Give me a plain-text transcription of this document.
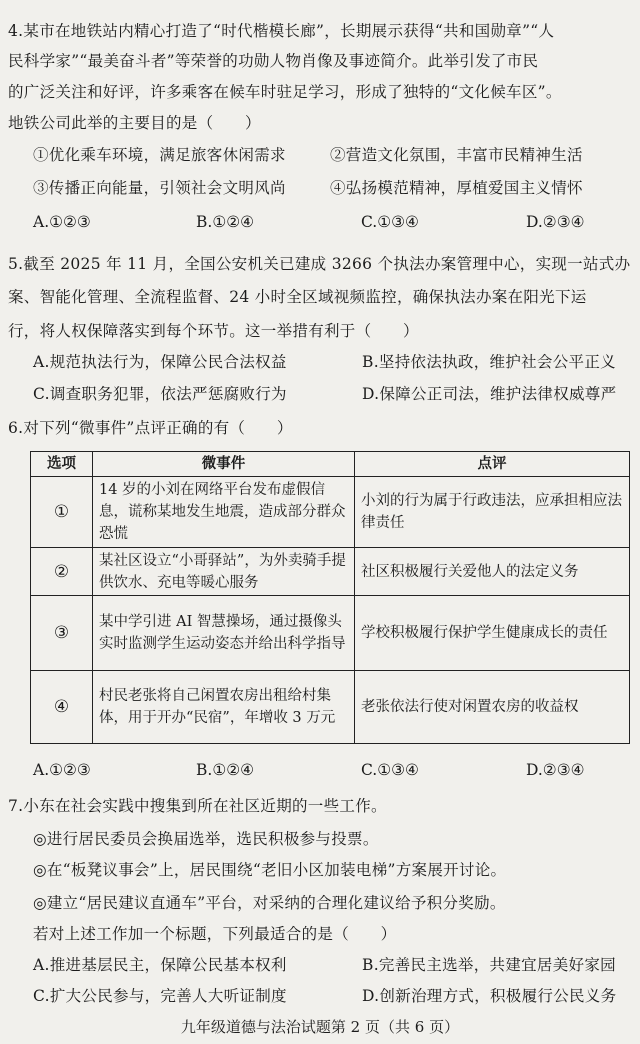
4.某市在地铁站内精心打造了“时代楷模长廊”，长期展示获得“共和国勋章”“人
民科学家”“最美奋斗者”等荣誉的功勋人物肖像及事迹简介。此举引发了市民
的广泛关注和好评，许多乘客在候车时驻足学习，形成了独特的“文化候车区”。
地铁公司此举的主要目的是（　　）
①优化乘车环境，满足旅客休闲需求	②营造文化氛围，丰富市民精神生活
③传播正向能量，引领社会文明风尚	④弘扬模范精神，厚植爱国主义情怀
A.①②③	B.①②④	C.①③④	D.②③④
5.截至 2025 年 11 月，全国公安机关已建成 3266 个执法办案管理中心，实现一站式办
案、智能化管理、全流程监督、24 小时全区域视频监控，确保执法办案在阳光下运
行，将人权保障落实到每个环节。这一举措有利于（　　）
A.规范执法行为，保障公民合法权益	B.坚持依法执政，维护社会公平正义
C.调查职务犯罪，依法严惩腐败行为	D.保障公正司法，维护法律权威尊严
6.对下列“微事件”点评正确的有（　　）
选项	微事件	点评
①	14 岁的小刘在网络平台发布虚假信息，谎称某地发生地震，造成部分群众恐慌	小刘的行为属于行政违法，应承担相应法律责任
②	某社区设立“小哥驿站”，为外卖骑手提供饮水、充电等暖心服务	社区积极履行关爱他人的法定义务
③	某中学引进 AI 智慧操场，通过摄像头实时监测学生运动姿态并给出科学指导	学校积极履行保护学生健康成长的责任
④	村民老张将自己闲置农房出租给村集体，用于开办“民宿”，年增收 3 万元	老张依法行使对闲置农房的收益权
A.①②③	B.①②④	C.①③④	D.②③④
7.小东在社会实践中搜集到所在社区近期的一些工作。
◎进行居民委员会换届选举，选民积极参与投票。
◎在“板凳议事会”上，居民围绕“老旧小区加装电梯”方案展开讨论。
◎建立“居民建议直通车”平台，对采纳的合理化建议给予积分奖励。
若对上述工作加一个标题，下列最适合的是（　　）
A.推进基层民主，保障公民基本权利	B.完善民主选举，共建宜居美好家园
C.扩大公民参与，完善人大听证制度	D.创新治理方式，积极履行公民义务
九年级道德与法治试题第 2 页（共 6 页）
